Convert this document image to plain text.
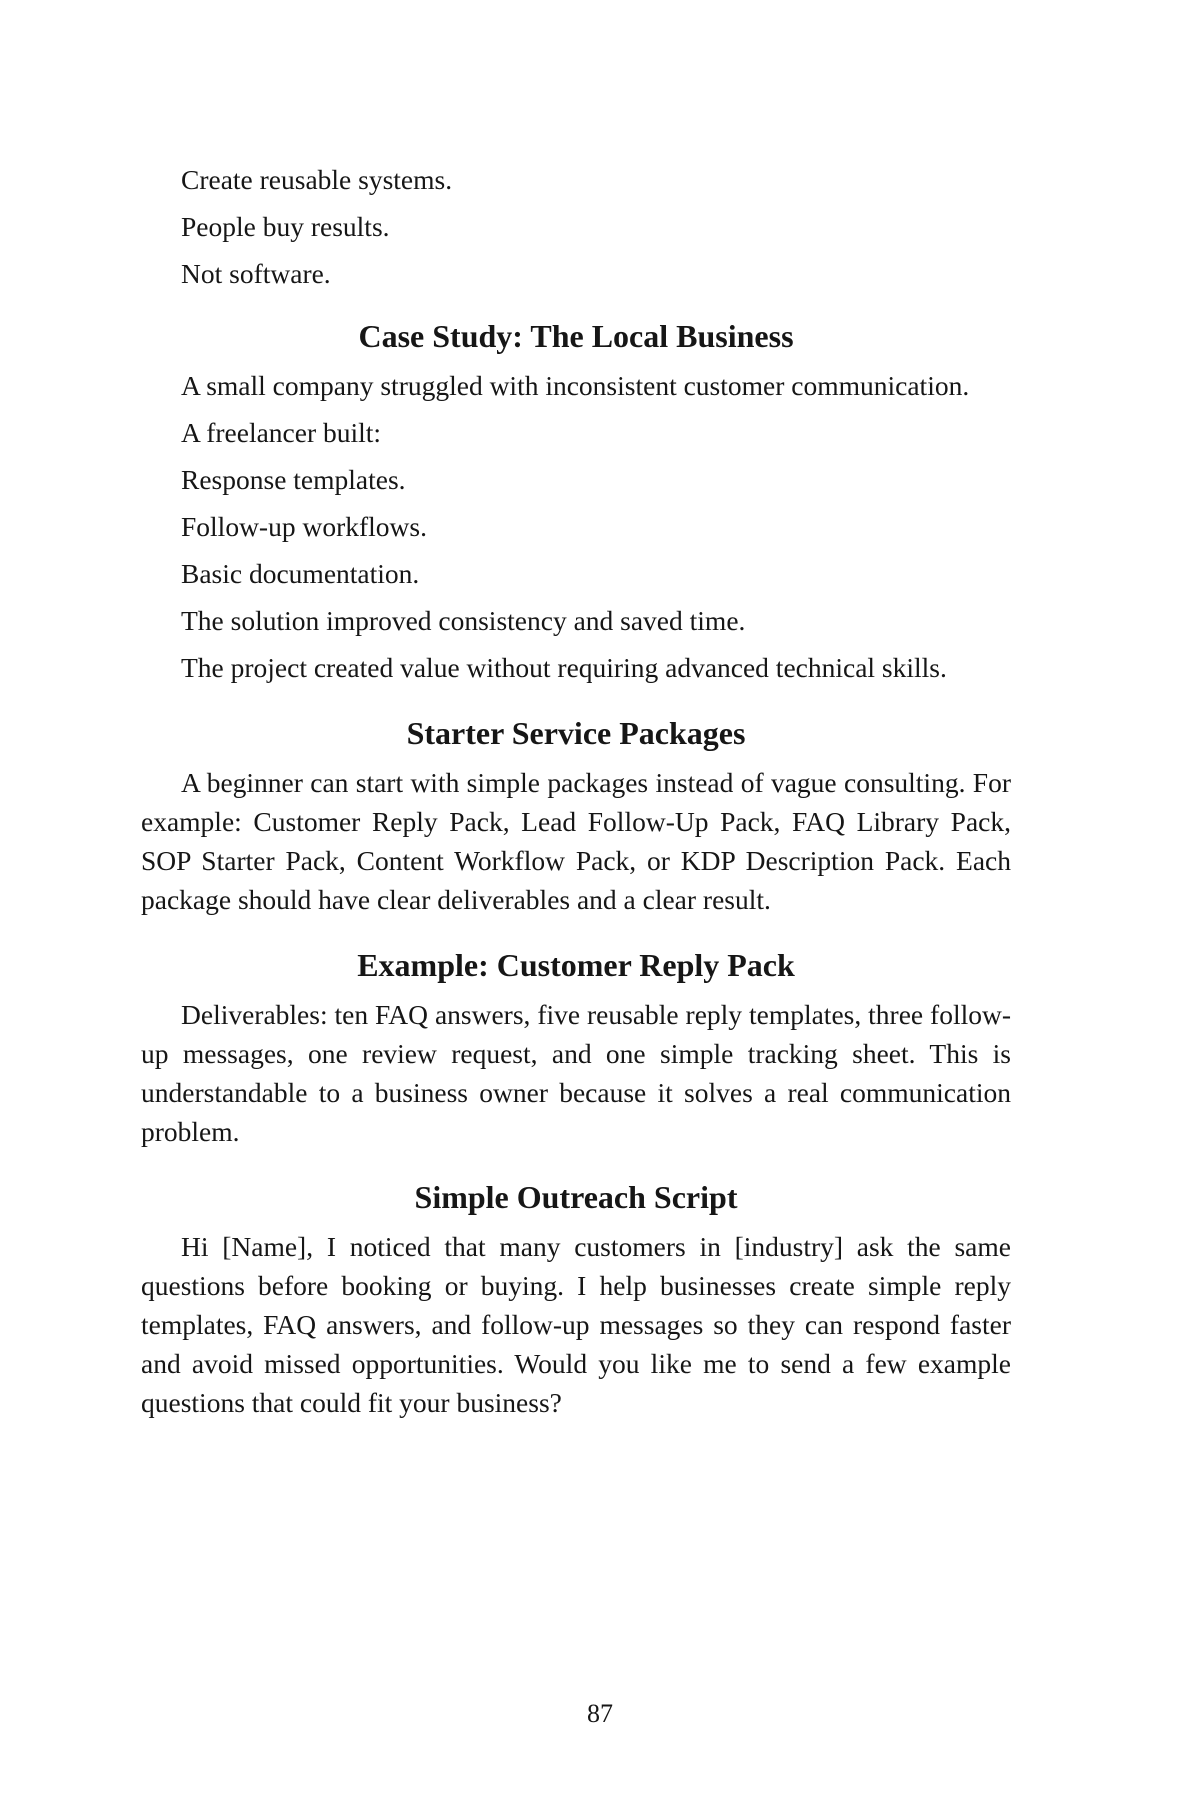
Create reusable systems.

People buy results.

Not software.

Case Study: The Local Business

A small company struggled with inconsistent customer communication.

A freelancer built:

Response templates.

Follow-up workflows.

Basic documentation.

The solution improved consistency and saved time.

The project created value without requiring advanced technical skills.

Starter Service Packages

A beginner can start with simple packages instead of vague consulting. For example: Customer Reply Pack, Lead Follow-Up Pack, FAQ Library Pack, SOP Starter Pack, Content Workflow Pack, or KDP Description Pack. Each package should have clear deliverables and a clear result.

Example: Customer Reply Pack

Deliverables: ten FAQ answers, five reusable reply templates, three follow-up messages, one review request, and one simple tracking sheet. This is understandable to a business owner because it solves a real communication problem.

Simple Outreach Script

Hi [Name], I noticed that many customers in [industry] ask the same questions before booking or buying. I help businesses create simple reply templates, FAQ answers, and follow-up messages so they can respond faster and avoid missed opportunities. Would you like me to send a few example questions that could fit your business?

87
